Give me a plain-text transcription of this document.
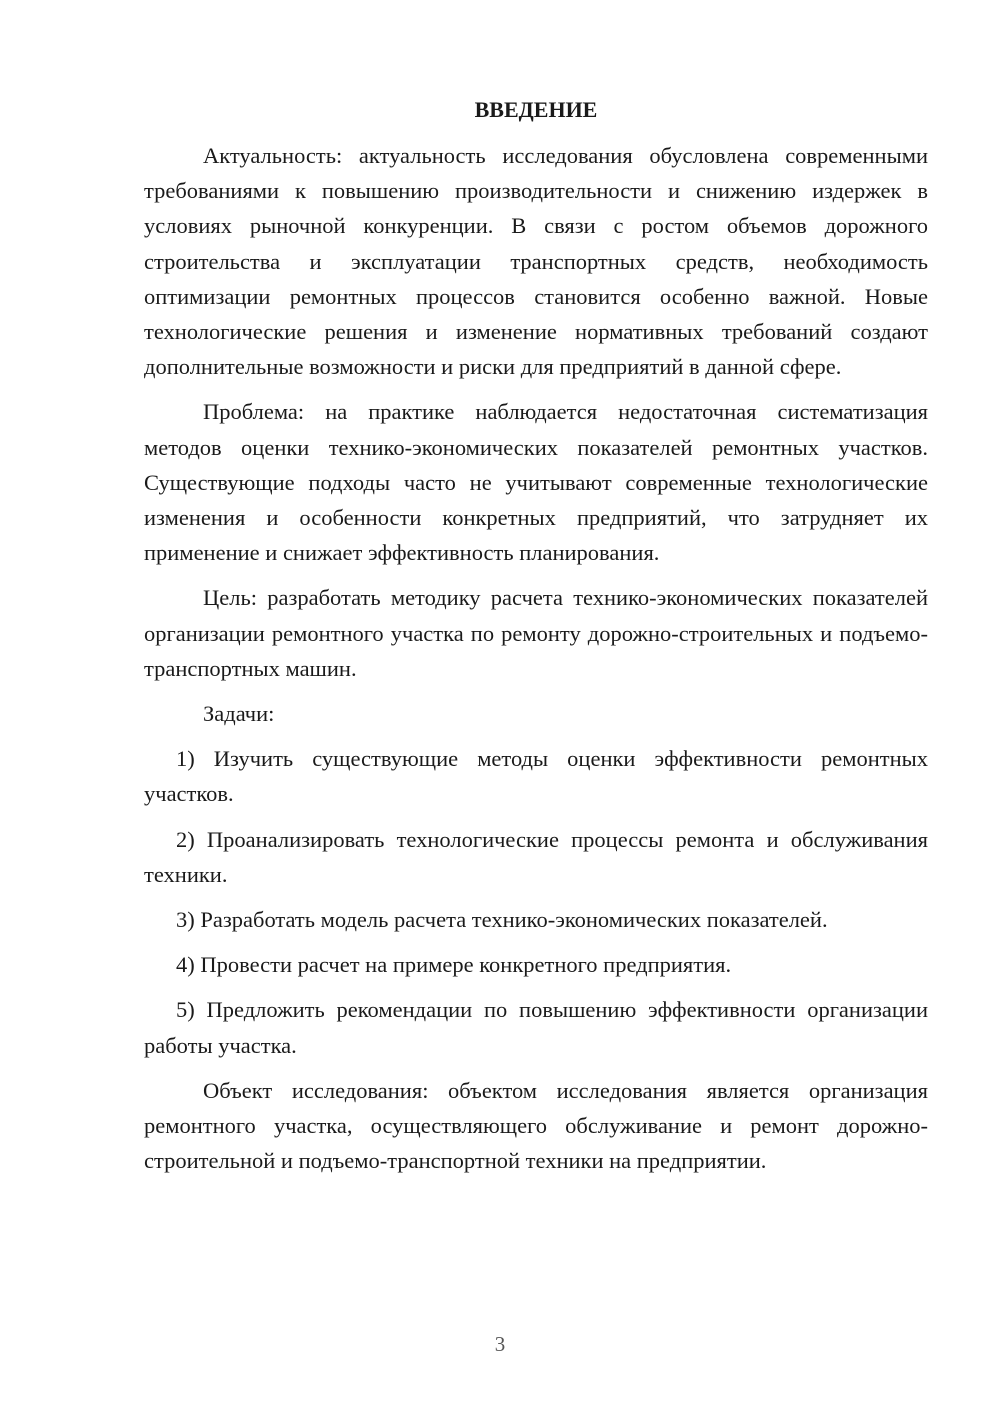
ВВЕДЕНИЕ

Актуальность: актуальность исследования обусловлена современными требованиями к повышению производительности и снижению издержек в условиях рыночной конкуренции. В связи с ростом объемов дорожного строительства и эксплуатации транспортных средств, необходимость оптимизации ремонтных процессов становится особенно важной. Новые технологические решения и изменение нормативных требований создают дополнительные возможности и риски для предприятий в данной сфере.

Проблема: на практике наблюдается недостаточная систематизация методов оценки технико-экономических показателей ремонтных участков. Существующие подходы часто не учитывают современные технологические изменения и особенности конкретных предприятий, что затрудняет их применение и снижает эффективность планирования.

Цель: разработать методику расчета технико-экономических показателей организации ремонтного участка по ремонту дорожно-строительных и подъемо-транспортных машин.

Задачи:

1) Изучить существующие методы оценки эффективности ремонтных участков.

2) Проанализировать технологические процессы ремонта и обслуживания техники.

3) Разработать модель расчета технико-экономических показателей.

4) Провести расчет на примере конкретного предприятия.

5) Предложить рекомендации по повышению эффективности организации работы участка.

Объект исследования: объектом исследования является организация ремонтного участка, осуществляющего обслуживание и ремонт дорожно-строительной и подъемо-транспортной техники на предприятии.

3
